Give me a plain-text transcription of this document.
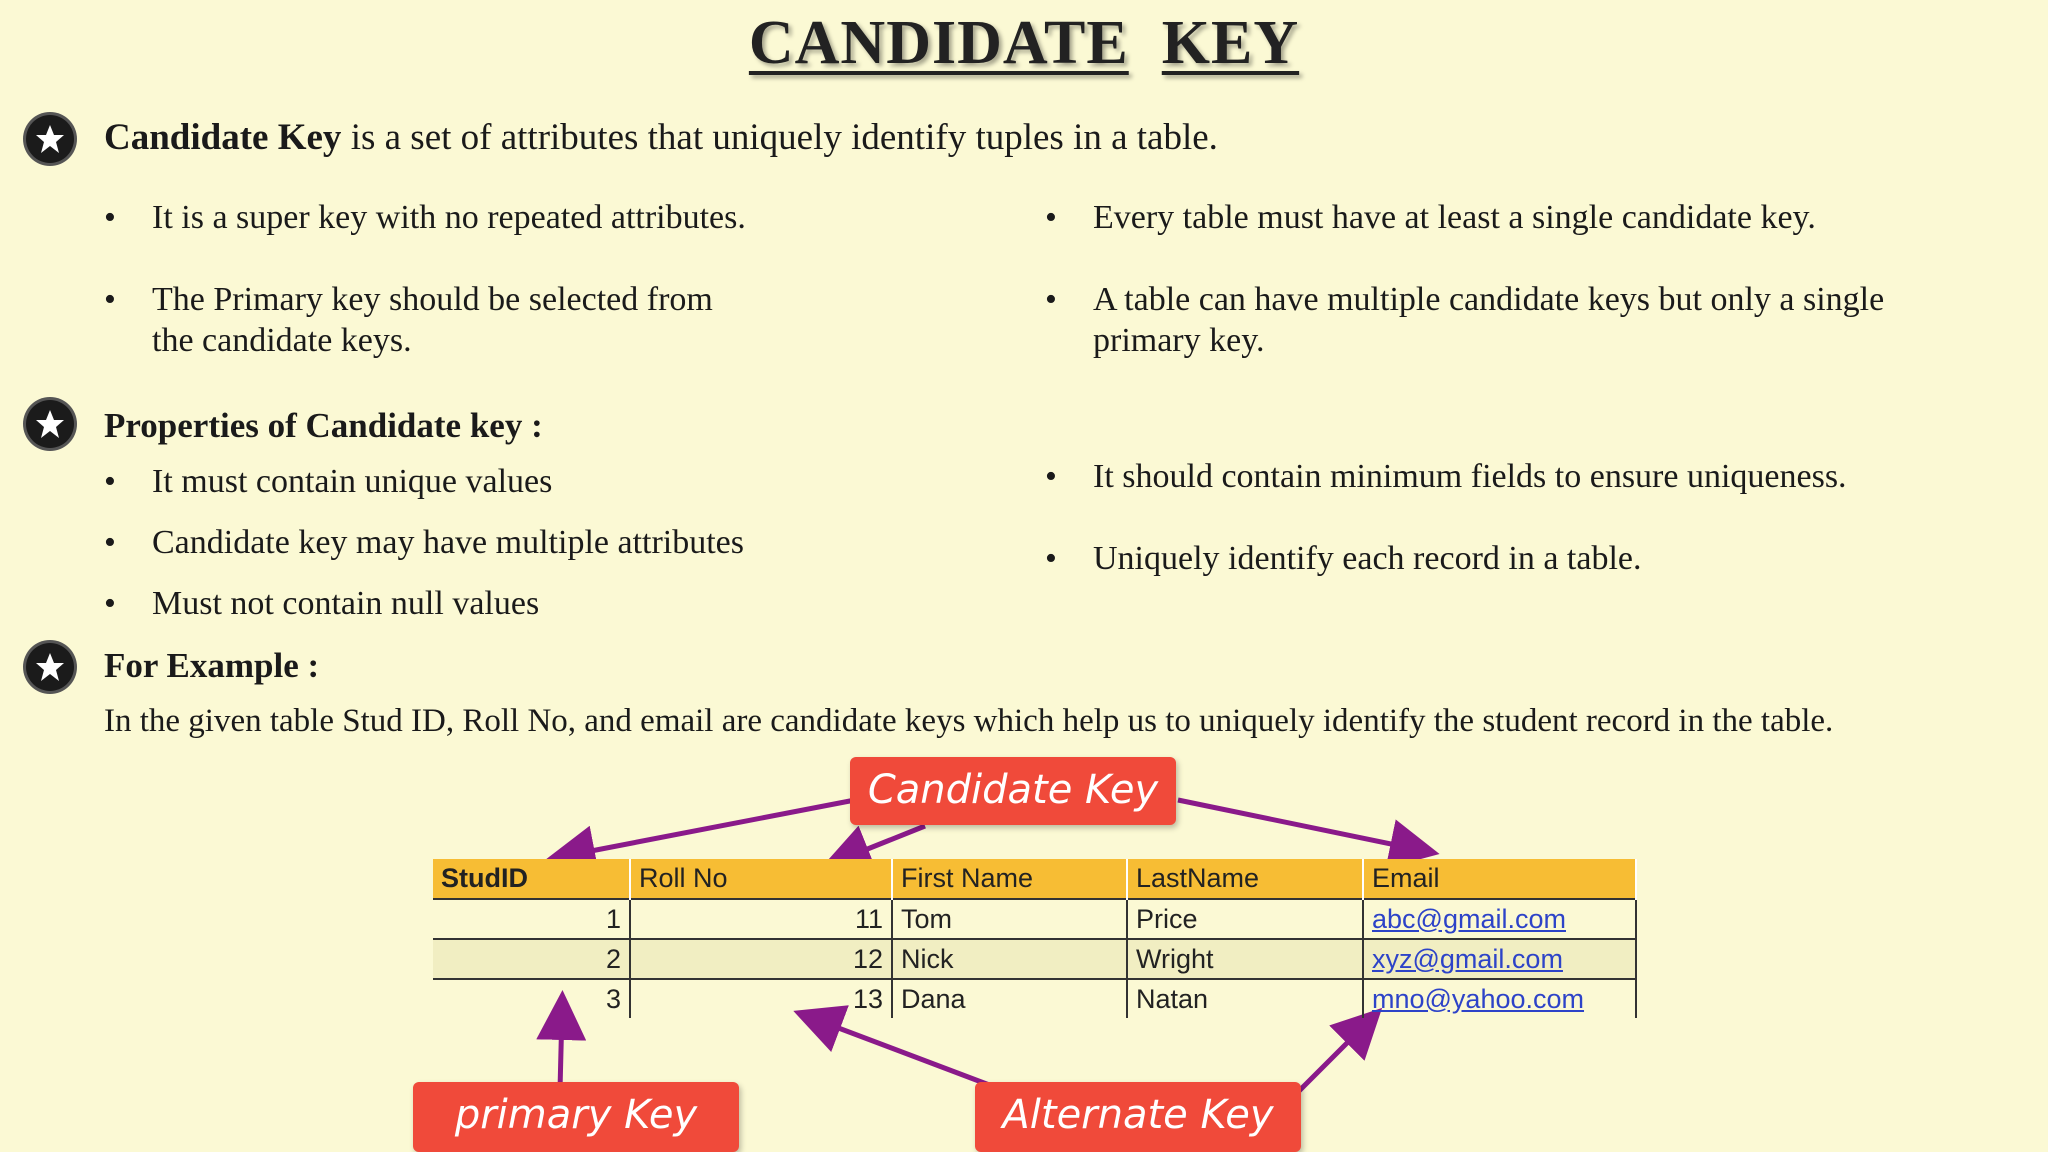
CANDIDATE KEY
Candidate Key is a set of attributes that uniquely identify tuples in a table.
• It is a super key with no repeated attributes.
• The Primary key should be selected from
the candidate keys.
• Every table must have at least a single candidate key.
• A table can have multiple candidate keys but only a single
primary key.
Properties of Candidate key :
• It must contain unique values
• Candidate key may have multiple attributes
• Must not contain null values
• It should contain minimum fields to ensure uniqueness.
• Uniquely identify each record in a table.
For Example :
In the given table Stud ID, Roll No, and email are candidate keys which help us to uniquely identify the student record in the table.
StudID	Roll No	First Name	LastName	Email
1	11	Tom	Price	abc@gmail.com
2	12	Nick	Wright	xyz@gmail.com
3	13	Dana	Natan	mno@yahoo.com
Candidate Key
primary Key	Alternate Key
